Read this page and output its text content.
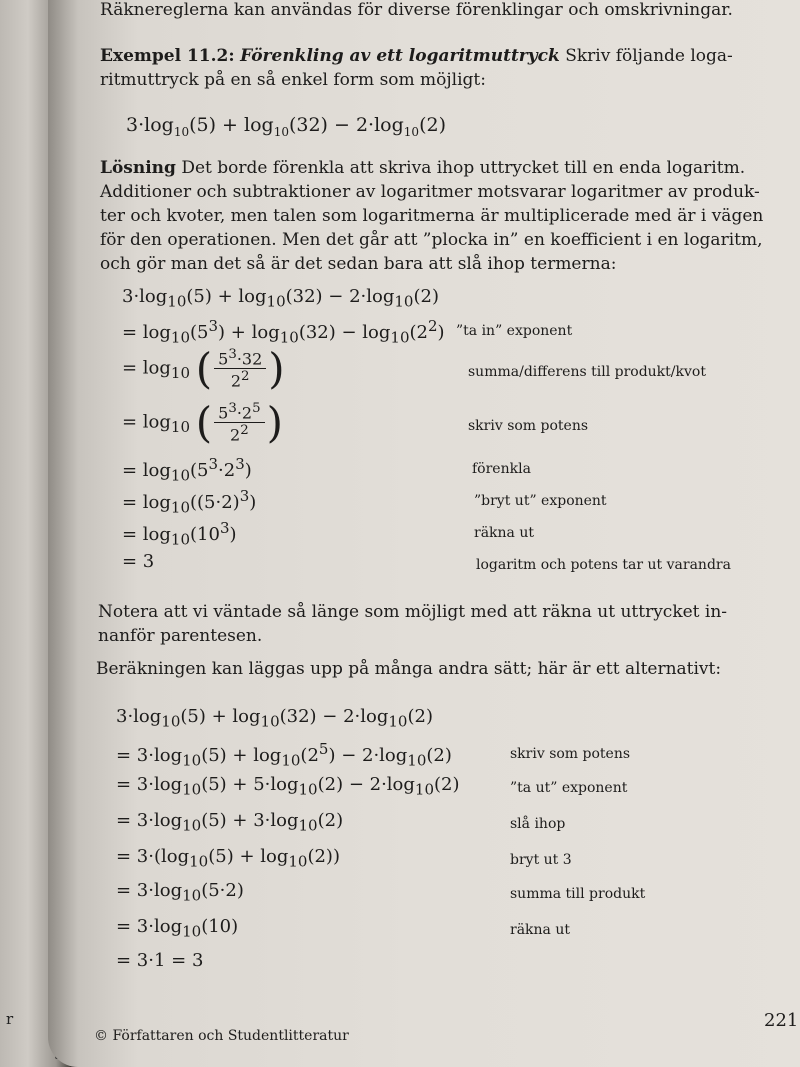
r

Räknereglerna kan användas för diverse förenklingar och omskrivningar.

Exempel 11.2: Förenkling av ett logaritmuttryck Skriv följande loga-

ritmuttryck på en så enkel form som möjligt:

$3\cdot\log_{10}(5) + \log_{10}(32) - 2\cdot\log_{10}(2)$

Lösning Det borde förenkla att skriva ihop uttrycket till en enda logaritm.

Additioner och subtraktioner av logaritmer motsvarar logaritmer av produk-

ter och kvoter, men talen som logaritmerna är multiplicerade med är i vägen

för den operationen. Men det går att ”plocka in” en koefficient i en logaritm,

och gör man det så är det sedan bara att slå ihop termerna:

$3\cdot\log_{10}(5) + \log_{10}(32) - 2\cdot\log_{10}(2)$
= $\log_{10}(5^3) + \log_{10}(32) - \log_{10}(2^2)$ ”ta in” exponent
= $\log_{10}$ ( $\frac{5^3\cdot 32}{2^2}$ )	summa/differens till produkt/kvot
= $\log_{10}$ ( $\frac{5^3\cdot 2^5}{2^2}$ )	skriv som potens
= $\log_{10}(5^3\cdot 2^3)$	förenkla
= $\log_{10}((5\cdot 2)^3)$	”bryt ut” exponent
= $\log_{10}(10^3)$	räkna ut
= 3	logaritm och potens tar ut varandra

Notera att vi väntade så länge som möjligt med att räkna ut uttrycket in-

nanför parentesen.

Beräkningen kan läggas upp på många andra sätt; här är ett alternativt:

$3\cdot\log_{10}(5) + \log_{10}(32) - 2\cdot\log_{10}(2)$
= $3\cdot\log_{10}(5) + \log_{10}(2^5) - 2\cdot\log_{10}(2)$	skriv som potens
= $3\cdot\log_{10}(5) + 5\cdot\log_{10}(2) - 2\cdot\log_{10}(2)$	”ta ut” exponent
= $3\cdot\log_{10}(5) + 3\cdot\log_{10}(2)$	slå ihop
= $3\cdot(\log_{10}(5) + \log_{10}(2))$	bryt ut 3
= $3\cdot\log_{10}(5\cdot 2)$	summa till produkt
= $3\cdot\log_{10}(10)$	räkna ut
= 3·1 = 3
© Författaren och Studentlitteratur
221
